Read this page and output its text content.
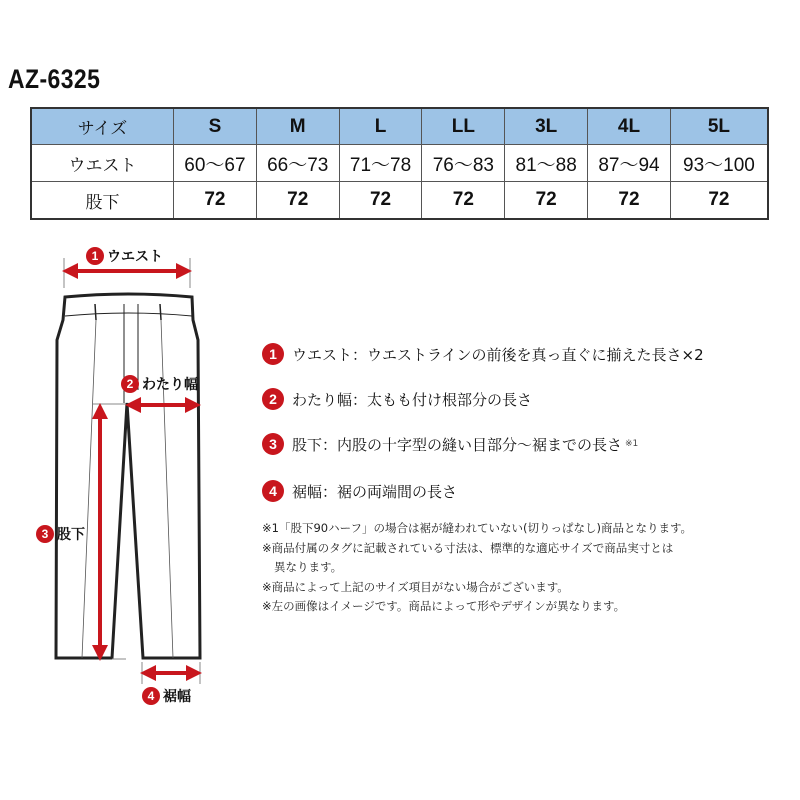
AZ-6325
サイズ	S	M	L	LL	3L	4L	5L
ウエスト	60〜67	66〜73	71〜78	76〜83	81〜88	87〜94	93〜100
股下	72	72	72	72	72	72	72
1 ウエスト
2 わたり幅
3 股下
4 裾幅
1	ウエスト：ウエストラインの前後を真っ直ぐに揃えた長さ×2
2	わたり幅：太もも付け根部分の長さ
3	股下：内股の十字型の縫い目部分〜裾までの長さ ※1
4	裾幅：裾の両端間の長さ
※1「股下90ハーフ」の場合は裾が縫われていない(切りっぱなし)商品となります。
※商品付属のタグに記載されている寸法は、標準的な適応サイズで商品実寸とは
異なります。
※商品によって上記のサイズ項目がない場合がございます。
※左の画像はイメージです。商品によって形やデザインが異なります。
